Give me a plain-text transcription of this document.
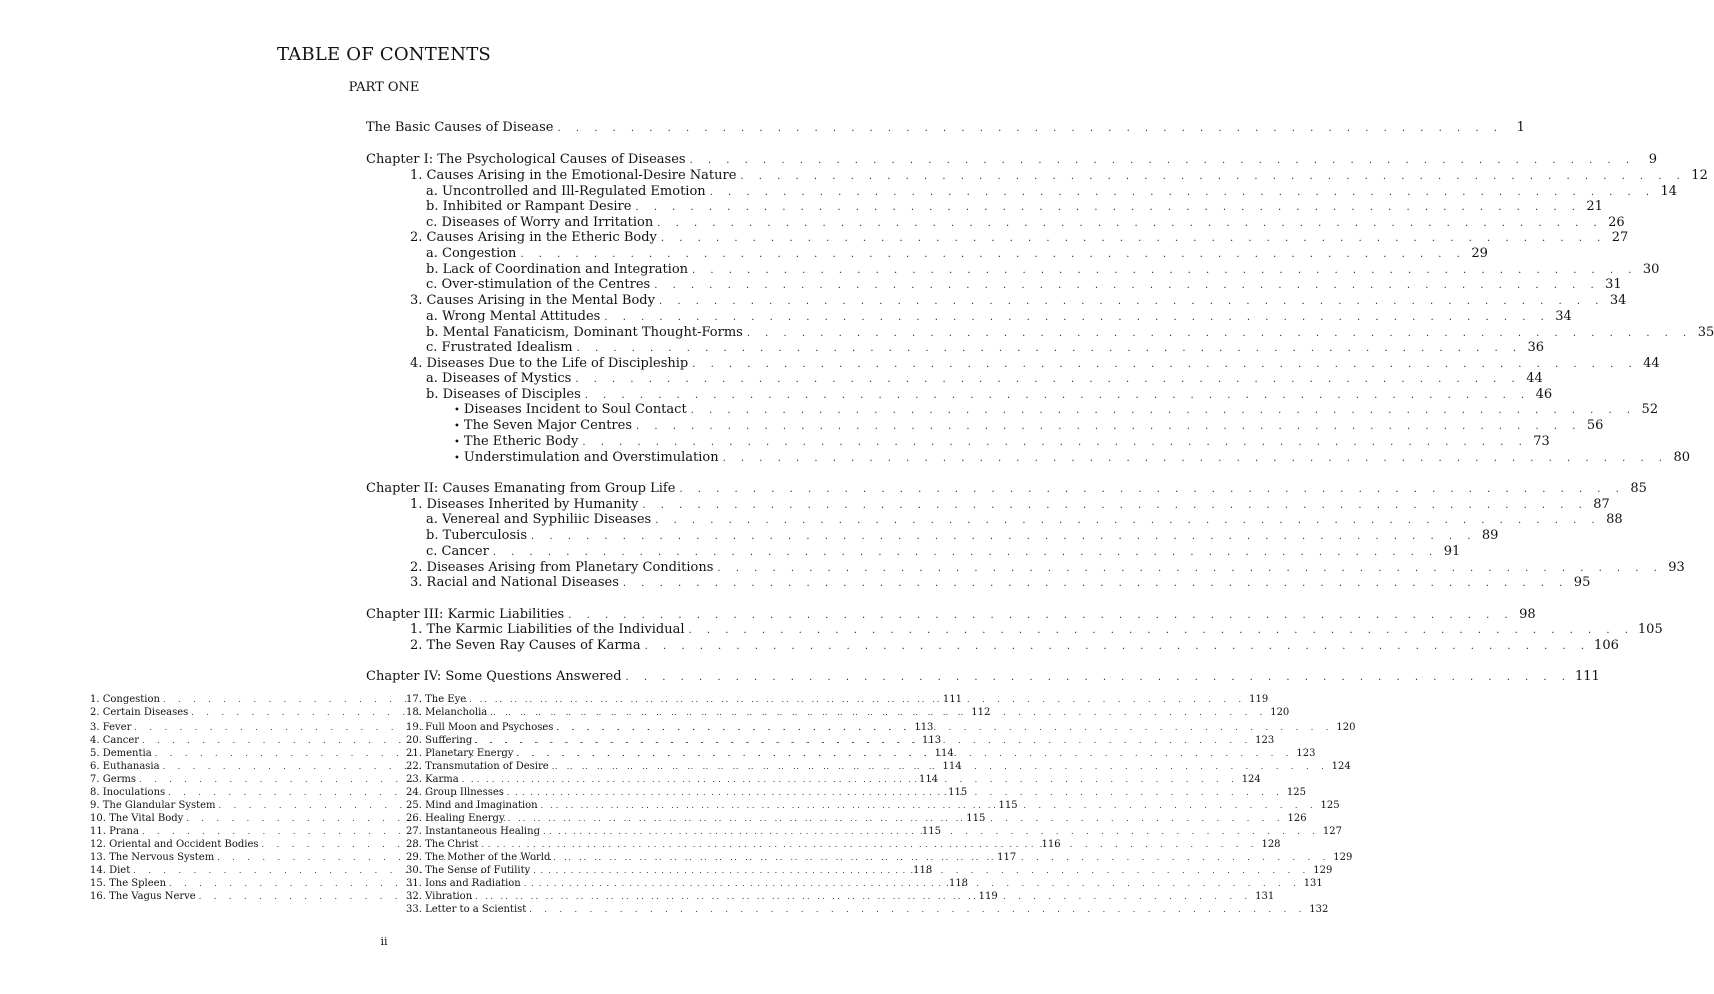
TABLE OF CONTENTS
PART ONE
The Basic Causes of Disease . . .	1
Chapter I: The Psychological Causes of Diseases . . .	9
1. Causes Arising in the Emotional-Desire Nature . . .	12
a. Uncontrolled and Ill-Regulated Emotion . . .	14
b. Inhibited or Rampant Desire . . .	21
c. Diseases of Worry and Irritation . . .	26
2. Causes Arising in the Etheric Body . . .	27
a. Congestion . . .	29
b. Lack of Coordination and Integration . . .	30
c. Over-stimulation of the Centres . . .	31
3. Causes Arising in the Mental Body . . .	34
a. Wrong Mental Attitudes . . .	34
b. Mental Fanaticism, Dominant Thought-Forms . . .	35
c. Frustrated Idealism . . .	36
4. Diseases Due to the Life of Discipleship . . .	44
a. Diseases of Mystics . . .	44
b. Diseases of Disciples . . .	46
• Diseases Incident to Soul Contact . . .	52
• The Seven Major Centres . . .	56
• The Etheric Body . . .	73
• Understimulation and Overstimulation . . .	80
Chapter II: Causes Emanating from Group Life . . .	85
1. Diseases Inherited by Humanity . . .	87
a. Venereal and Syphiliic Diseases . . .	88
b. Tuberculosis . . .	89
c. Cancer . . .	91
2. Diseases Arising from Planetary Conditions . . .	93
3. Racial and National Diseases . . .	95
Chapter III: Karmic Liabilities . . .	98
1. The Karmic Liabilities of the Individual . . .	105
2. The Seven Ray Causes of Karma . . .	106
Chapter IV: Some Questions Answered . . .	111
1. Congestion . . .	111
2. Certain Diseases . . .	112
3. Fever . . .	113
4. Cancer . . .	113
5. Dementia . . .	114
6. Euthanasia . . .	114
7. Germs . . .	114
8. Inoculations . . .	115
9. The Glandular System . . .	115
10. The Vital Body . . .	115
11. Prana . . .	115
12. Oriental and Occident Bodies . . .	116
13. The Nervous System . . .	117
14. Diet . . .	118
15. The Spleen . . .	118
16. The Vagus Nerve . . .	119
17. The Eye . . .	119
18. Melancholia . . .	120
19. Full Moon and Psychoses . . .	120
20. Suffering . . .	123
21. Planetary Energy . . .	123
22. Transmutation of Desire . . .	124
23. Karma . . .	124
24. Group Illnesses . . .	125
25. Mind and Imagination . . .	125
26. Healing Energy . . .	126
27. Instantaneous Healing . . .	127
28. The Christ . . .	128
29. The Mother of the World . . .	129
30. The Sense of Futility . . .	129
31. Ions and Radiation . . .	131
32. Vibration . . .	131
33. Letter to a Scientist . . .	132
ii
